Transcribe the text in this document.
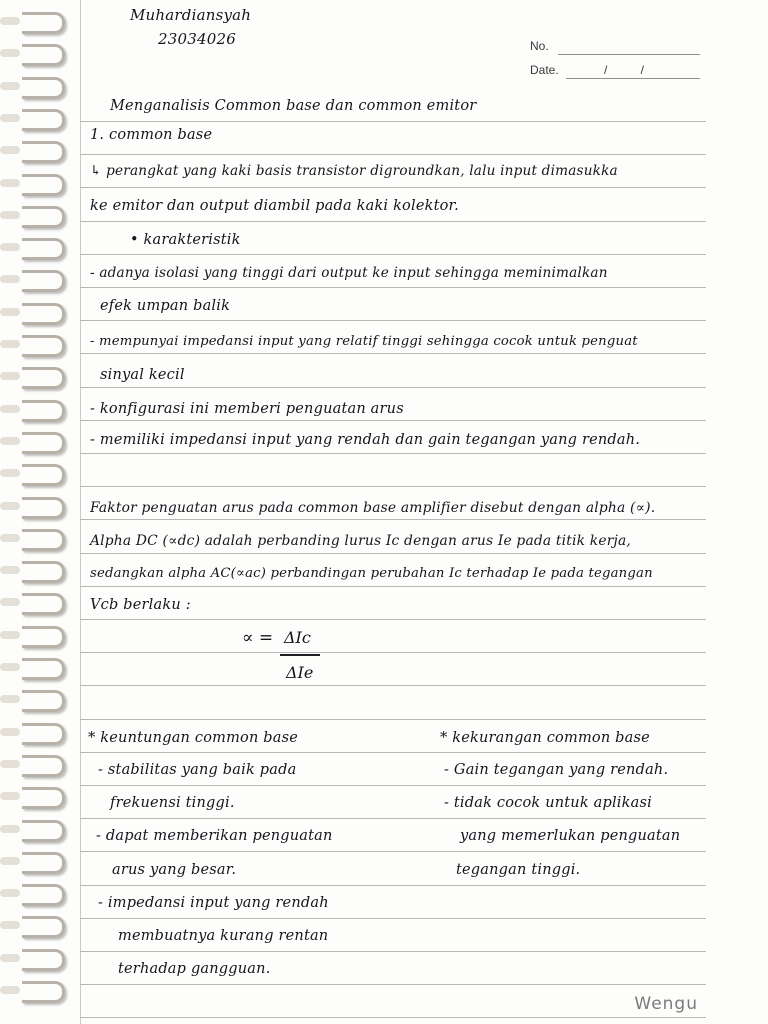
Muhardiansyah
23034026	No.
Date.	/          /
Menganalisis Common base dan common emitor
1. common base
↳ perangkat yang kaki basis transistor digroundkan, lalu input dimasukka
ke emitor dan output diambil pada kaki kolektor.
• karakteristik
- adanya isolasi yang tinggi dari output ke input sehingga meminimalkan
efek umpan balik
- mempunyai impedansi input yang relatif tinggi sehingga cocok untuk penguat
sinyal kecil
- konfigurasi ini memberi penguatan arus
- memiliki impedansi input yang rendah dan gain tegangan yang rendah.
Faktor penguatan arus pada common base amplifier disebut dengan alpha (∝).
Alpha DC (∝dc) adalah perbanding lurus Ic dengan arus Ie pada titik kerja,
sedangkan alpha AC(∝ac) perbandingan perubahan Ic terhadap Ie pada tegangan
Vcb berlaku :
∝ = ΔIc
ΔIe
* keuntungan common base
- stabilitas yang baik pada
frekuensi tinggi.
- dapat memberikan penguatan
arus yang besar.
- impedansi input yang rendah
membuatnya kurang rentan
terhadap gangguan.
* kekurangan common base
- Gain tegangan yang rendah.
- tidak cocok untuk aplikasi
yang memerlukan penguatan
tegangan tinggi.
Wengu
